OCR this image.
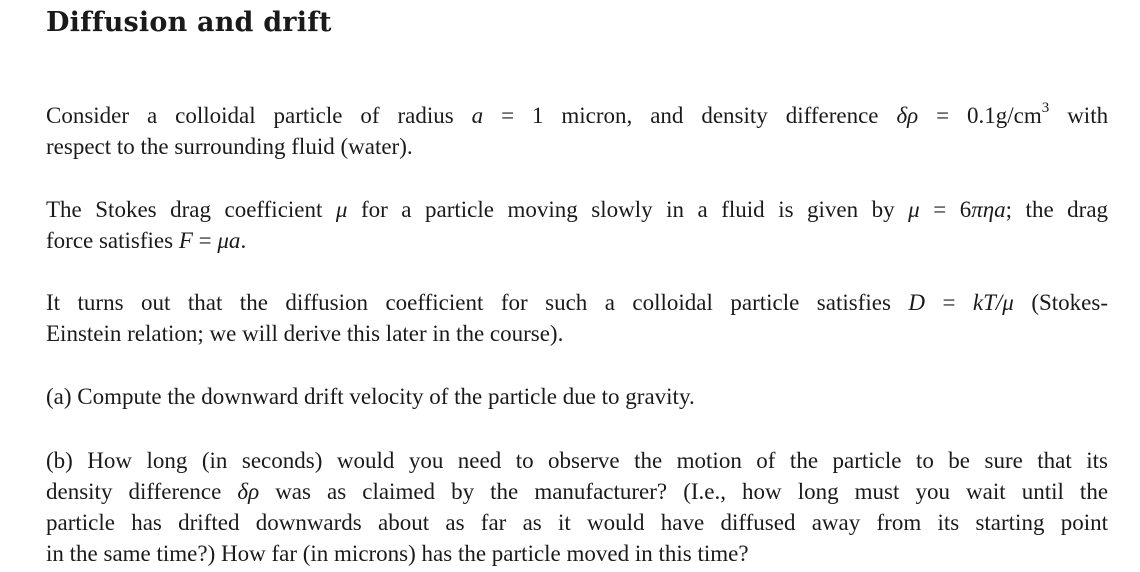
Diffusion and drift
Consider a colloidal particle of radius a = 1 micron, and density difference $\delta\rho = 0.1g/cm^3$ with
respect to the surrounding fluid (water).
The Stokes drag coefficient μ for a particle moving slowly in a fluid is given by μ = 6πηa; the drag
force satisfies F = μa.
It turns out that the diffusion coefficient for such a colloidal particle satisfies D = kT/μ (Stokes-
Einstein relation; we will derive this later in the course).
(a) Compute the downward drift velocity of the particle due to gravity.
(b) How long (in seconds) would you need to observe the motion of the particle to be sure that its
density difference δρ was as claimed by the manufacturer? (I.e., how long must you wait until the
particle has drifted downwards about as far as it would have diffused away from its starting point
in the same time?) How far (in microns) has the particle moved in this time?
